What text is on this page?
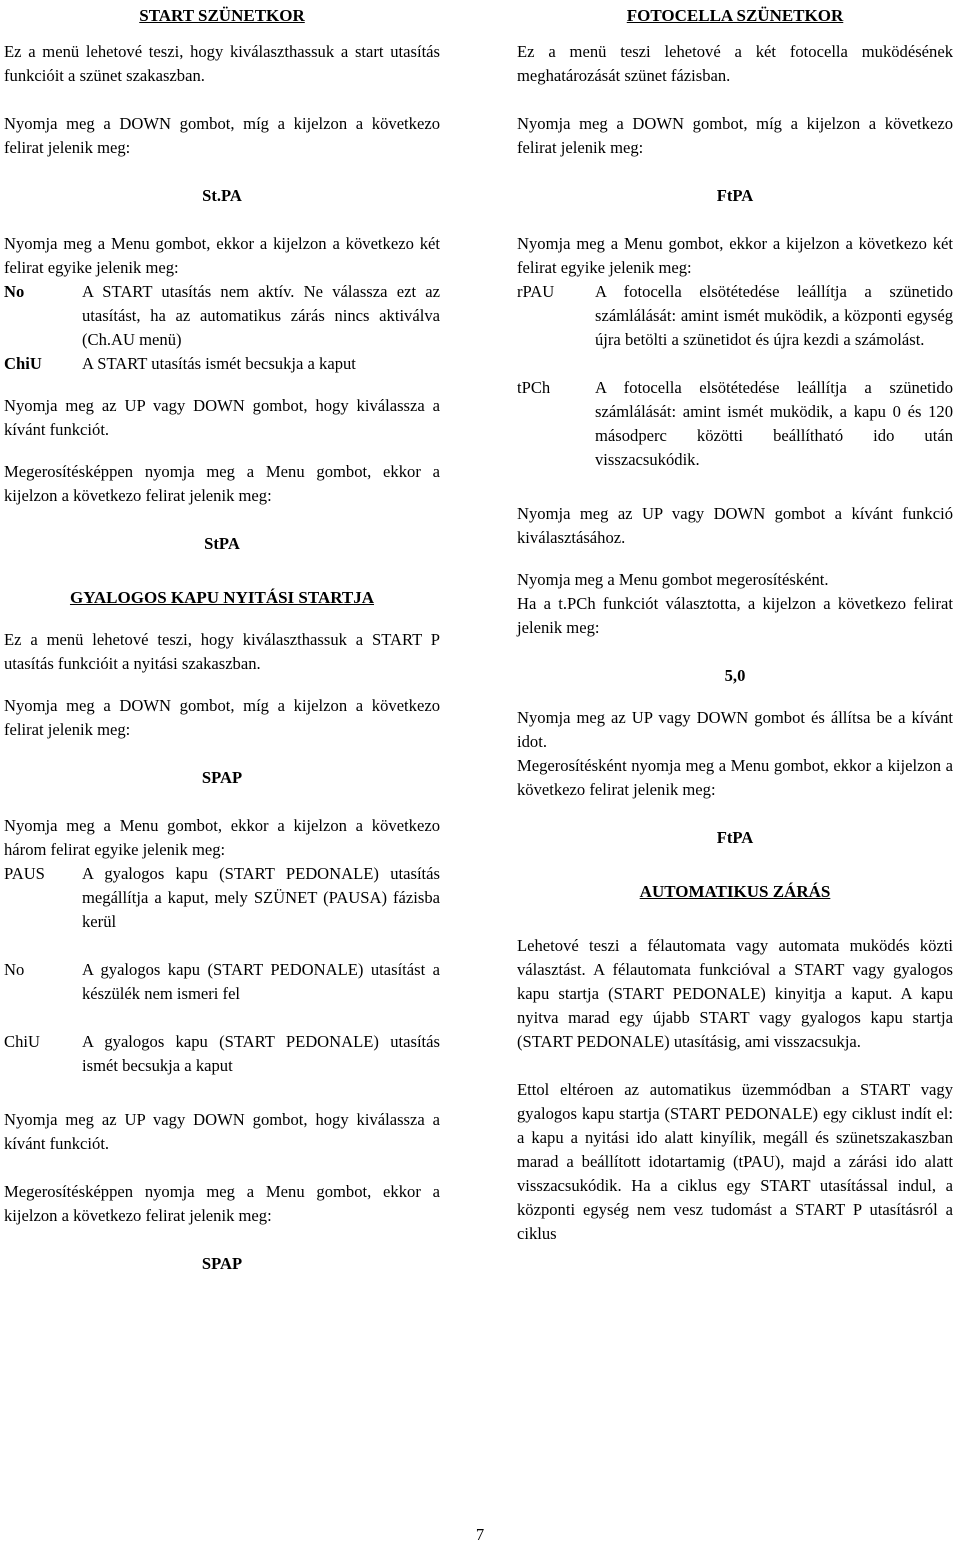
START SZÜNETKOR

Ez a menü lehetové teszi, hogy kiválaszthassuk a start utasítás funkcióit a szünet szakaszban.

Nyomja meg a DOWN gombot, míg a kijelzon a következo felirat jelenik meg:

St.PA

Nyomja meg a Menu gombot, ekkor a kijelzon a következo két felirat egyike jelenik meg:

No	A START utasítás nem aktív. Ne válassza ezt az utasítást, ha az automatikus zárás nincs aktiválva (Ch.AU menü)
ChiU	A START utasítás ismét becsukja a kaput

Nyomja meg az UP vagy DOWN gombot, hogy kiválassza a kívánt funkciót.

Megerosítésképpen nyomja meg a Menu gombot, ekkor a kijelzon a következo felirat jelenik meg:

StPA

GYALOGOS KAPU NYITÁSI STARTJA

Ez a menü lehetové teszi, hogy kiválaszthassuk a START P utasítás funkcióit a nyitási szakaszban.

Nyomja meg a DOWN gombot, míg a kijelzon a következo felirat jelenik meg:

SPAP

Nyomja meg a Menu gombot, ekkor a kijelzon a következo három felirat egyike jelenik meg:

PAUS	A gyalogos kapu (START PEDONALE) utasítás megállítja a kaput, mely SZÜNET (PAUSA) fázisba kerül
No	A gyalogos kapu (START PEDONALE) utasítást a készülék nem ismeri fel
ChiU	A gyalogos kapu (START PEDONALE) utasítás ismét becsukja a kaput

Nyomja meg az UP vagy DOWN gombot, hogy kiválassza a kívánt funkciót.

Megerosítésképpen nyomja meg a Menu gombot, ekkor a kijelzon a következo felirat jelenik meg:

SPAP

FOTOCELLA SZÜNETKOR

Ez a menü teszi lehetové a két fotocella muködésének meghatározását szünet fázisban.

Nyomja meg a DOWN gombot, míg a kijelzon a következo felirat jelenik meg:

FtPA

Nyomja meg a Menu gombot, ekkor a kijelzon a következo két felirat egyike jelenik meg:

rPAU	A fotocella elsötétedése leállítja a szünetido számlálását: amint ismét muködik, a központi egység újra betölti a szünetidot és újra kezdi a számolást.
tPCh	A fotocella elsötétedése leállítja a szünetido számlálását: amint ismét muködik, a kapu 0 és 120 másodperc közötti beállítható ido után visszacsukódik.

Nyomja meg az UP vagy DOWN gombot a kívánt funkció kiválasztásához.

Nyomja meg a Menu gombot megerosítésként.

Ha a t.PCh funkciót választotta, a kijelzon a következo felirat jelenik meg:

5,0

Nyomja meg az UP vagy DOWN gombot és állítsa be a kívánt idot.

Megerosítésként nyomja meg a Menu gombot, ekkor a kijelzon a következo felirat jelenik meg:

FtPA

AUTOMATIKUS ZÁRÁS

Lehetové teszi a félautomata vagy automata muködés közti választást. A félautomata funkcióval a START vagy gyalogos kapu startja (START PEDONALE) kinyitja a kaput. A kapu nyitva marad egy újabb START vagy gyalogos kapu startja (START PEDONALE) utasításig, ami visszacsukja.

Ettol eltéroen az automatikus üzemmódban a START vagy gyalogos kapu startja (START PEDONALE) egy ciklust indít el: a kapu a nyitási ido alatt kinyílik, megáll és szünetszakaszban marad a beállított idotartamig (tPAU), majd a zárási ido alatt visszacsukódik. Ha a ciklus egy START utasítással indul, a központi egység nem vesz tudomást a START P utasításról a ciklus

7
